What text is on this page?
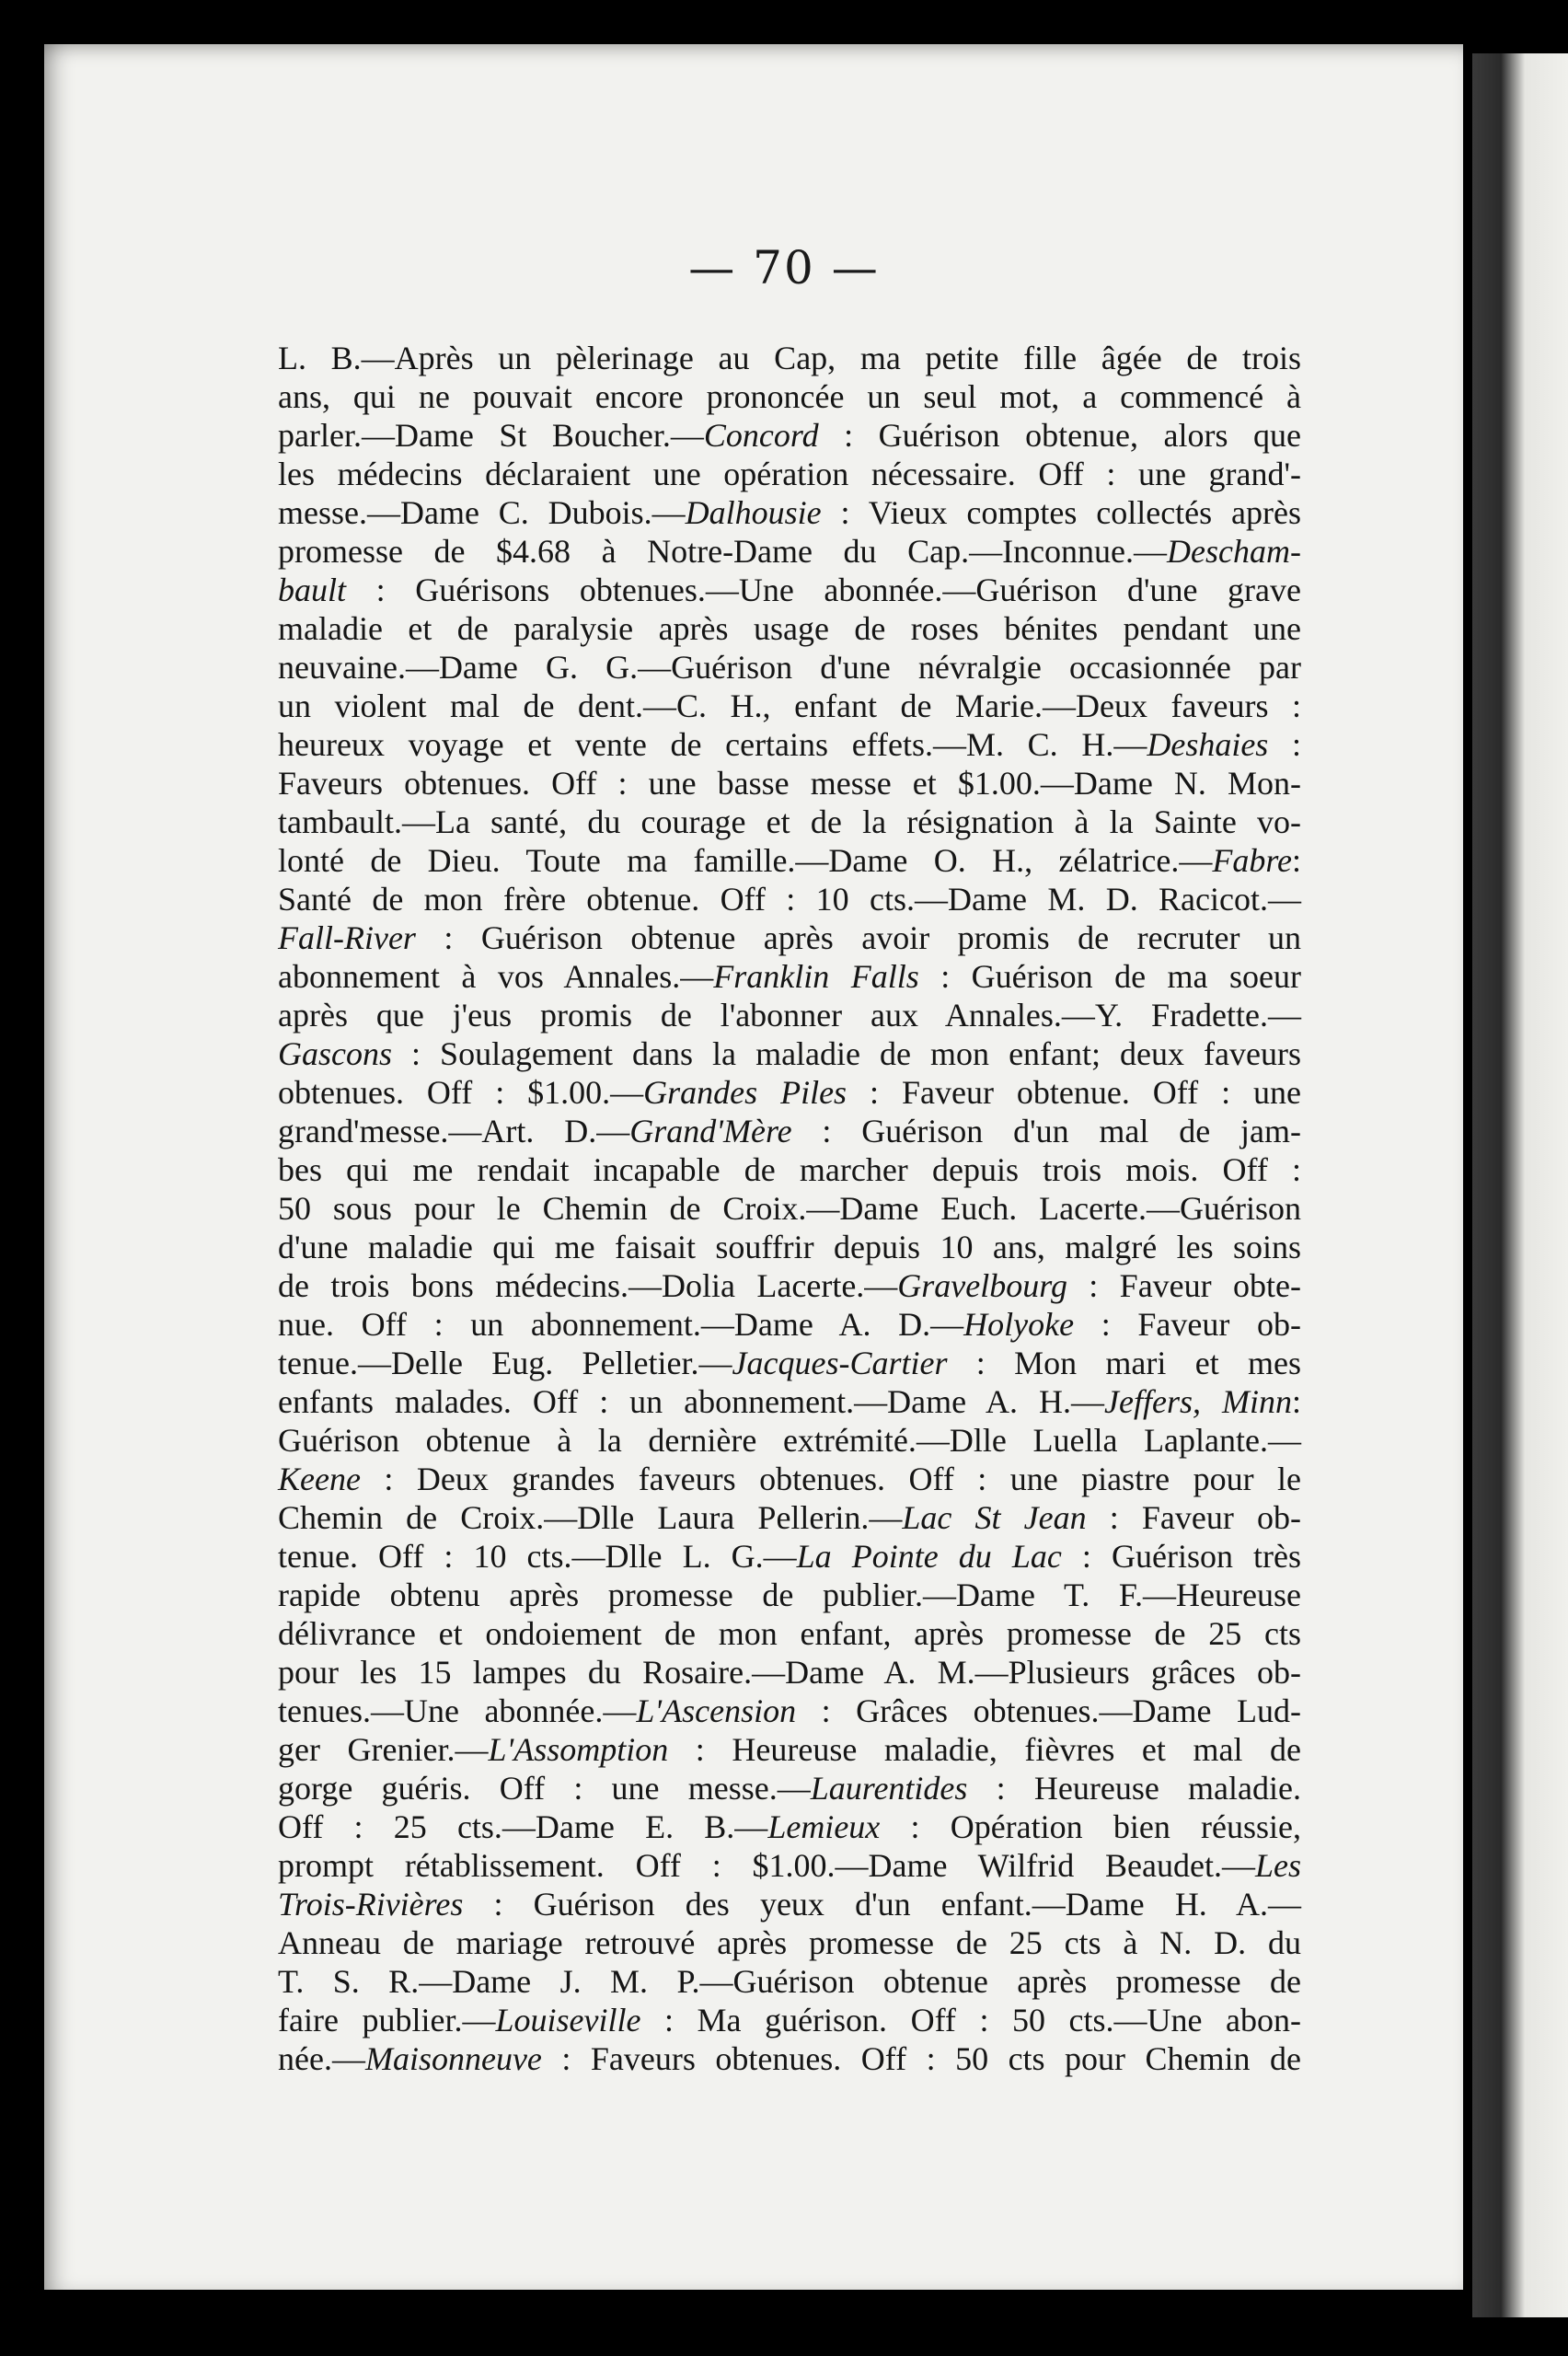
— 70 —
L. B.—Après un pèlerinage au Cap, ma petite fille âgée de trois
ans, qui ne pouvait encore prononcée un seul mot, a commencé à
parler.—Dame St Boucher.—Concord : Guérison obtenue, alors que
les médecins déclaraient une opération nécessaire. Off : une grand'-
messe.—Dame C. Dubois.—Dalhousie : Vieux comptes collectés après
promesse de $4.68 à Notre-Dame du Cap.—Inconnue.—Descham-
bault : Guérisons obtenues.—Une abonnée.—Guérison d'une grave
maladie et de paralysie après usage de roses bénites pendant une
neuvaine.—Dame G. G.—Guérison d'une névralgie occasionnée par
un violent mal de dent.—C. H., enfant de Marie.—Deux faveurs :
heureux voyage et vente de certains effets.—M. C. H.—Deshaies :
Faveurs obtenues. Off : une basse messe et $1.00.—Dame N. Mon-
tambault.—La santé, du courage et de la résignation à la Sainte vo-
lonté de Dieu. Toute ma famille.—Dame O. H., zélatrice.—Fabre:
Santé de mon frère obtenue. Off : 10 cts.—Dame M. D. Racicot.—
Fall-River : Guérison obtenue après avoir promis de recruter un
abonnement à vos Annales.—Franklin Falls : Guérison de ma soeur
après que j'eus promis de l'abonner aux Annales.—Y. Fradette.—
Gascons : Soulagement dans la maladie de mon enfant; deux faveurs
obtenues. Off : $1.00.—Grandes Piles : Faveur obtenue. Off : une
grand'messe.—Art. D.—Grand'Mère : Guérison d'un mal de jam-
bes qui me rendait incapable de marcher depuis trois mois. Off :
50 sous pour le Chemin de Croix.—Dame Euch. Lacerte.—Guérison
d'une maladie qui me faisait souffrir depuis 10 ans, malgré les soins
de trois bons médecins.—Dolia Lacerte.—Gravelbourg : Faveur obte-
nue. Off : un abonnement.—Dame A. D.—Holyoke : Faveur ob-
tenue.—Delle Eug. Pelletier.—Jacques-Cartier : Mon mari et mes
enfants malades. Off : un abonnement.—Dame A. H.—Jeffers, Minn:
Guérison obtenue à la dernière extrémité.—Dlle Luella Laplante.—
Keene : Deux grandes faveurs obtenues. Off : une piastre pour le
Chemin de Croix.—Dlle Laura Pellerin.—Lac St Jean : Faveur ob-
tenue. Off : 10 cts.—Dlle L. G.—La Pointe du Lac : Guérison très
rapide obtenu après promesse de publier.—Dame T. F.—Heureuse
délivrance et ondoiement de mon enfant, après promesse de 25 cts
pour les 15 lampes du Rosaire.—Dame A. M.—Plusieurs grâces ob-
tenues.—Une abonnée.—L'Ascension : Grâces obtenues.—Dame Lud-
ger Grenier.—L'Assomption : Heureuse maladie, fièvres et mal de
gorge guéris. Off : une messe.—Laurentides : Heureuse maladie.
Off : 25 cts.—Dame E. B.—Lemieux : Opération bien réussie,
prompt rétablissement. Off : $1.00.—Dame Wilfrid Beaudet.—Les
Trois-Rivières : Guérison des yeux d'un enfant.—Dame H. A.—
Anneau de mariage retrouvé après promesse de 25 cts à N. D. du
T. S. R.—Dame J. M. P.—Guérison obtenue après promesse de
faire publier.—Louiseville : Ma guérison. Off : 50 cts.—Une abon-
née.—Maisonneuve : Faveurs obtenues. Off : 50 cts pour Chemin de
